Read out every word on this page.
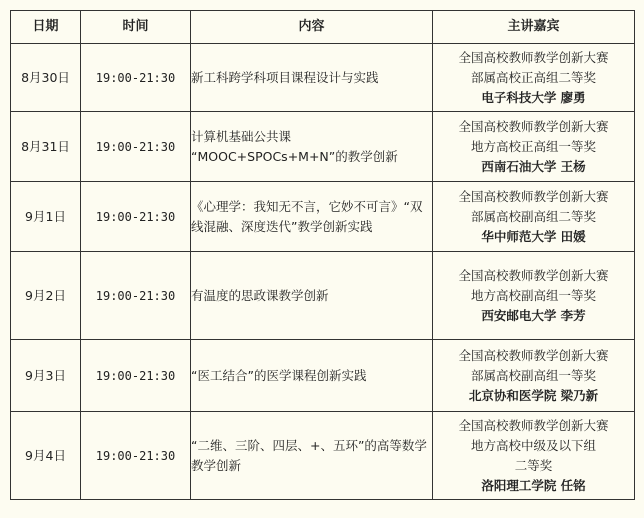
日期	时间	内容	主讲嘉宾
8月30日	19:00-21:30	新工科跨学科项目课程设计与实践	全国高校教师教学创新大赛
部属高校正高组二等奖
电子科技大学 廖勇

8月31日	19:00-21:30	计算机基础公共课
“MOOC+SPOCs+M+N”的教学创新	全国高校教师教学创新大赛
地方高校正高组一等奖
西南石油大学 王杨

9月1日	19:00-21:30	《心理学：我知无不言，它妙不可言》“双线混融、深度迭代”教学创新实践	全国高校教师教学创新大赛
部属高校副高组二等奖
华中师范大学 田媛

9月2日	19:00-21:30	有温度的思政课教学创新	全国高校教师教学创新大赛
地方高校副高组一等奖
西安邮电大学 李芳

9月3日	19:00-21:30	“医工结合”的医学课程创新实践	全国高校教师教学创新大赛
部属高校副高组一等奖
北京协和医学院 梁乃新

9月4日	19:00-21:30	“二维、三阶、四层、+、五环”的高等数学教学创新	全国高校教师教学创新大赛
地方高校中级及以下组
二等奖
洛阳理工学院 任铭
